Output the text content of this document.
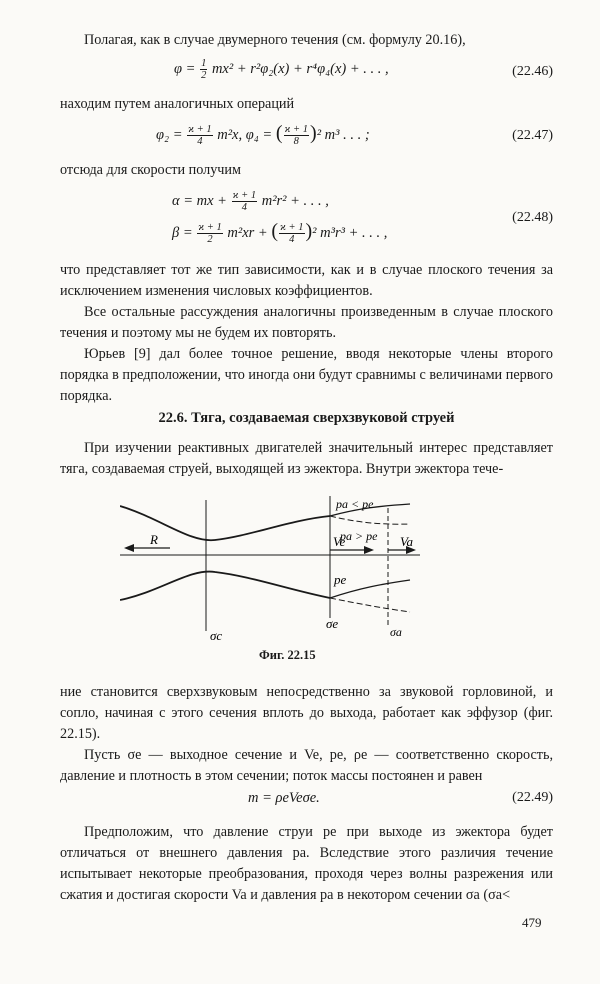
Полагая, как в случае двумерного течения (см. формулу 20.16),

$\varphi = \frac{1}{2} mx^2 + r^2\varphi_2(x) + r^4\varphi_4(x)$ + . . . ,	(22.46)

находим путем аналогичных операций

$\varphi_2 = \frac{ϰ + 1}{4} m^2x$, φ₄ = ( $\frac{ϰ + 1}{8} )^2$ m³ . . . ;	(22.47)

отсюда для скорости получим

α = mx + $\frac{ϰ + 1}{4} m^2r^2$ + . . . ,
$\beta = \frac{ϰ + 1}{2} m^2xr$ + ( $\frac{ϰ + 1}{4} )^2$ m³r³ + . . . ,
(22.48)

что представляет тот же тип зависимости, как и в случае плоского течения за исключением изменения числовых коэффициентов.

Все остальные рассуждения аналогичны произведенным в случае плоского течения и поэтому мы не будем их повторять.

Юрьев [9] дал более точное решение, вводя некоторые члены второго порядка в предположении, что иногда они будут сравнимы с величинами первого порядка.

22.6. Тяга, создаваемая сверхзвуковой струей

При изучении реактивных двигателей значительный интерес представляет тяга, создаваемая струей, выходящей из эжектора. Внутри эжектора тече-

pa < pe
pa > pe
R	Ve	Va
pe
σc
σe
σa
Фиг. 22.15

ние становится сверхзвуковым непосредственно за звуковой горловиной, и сопло, начиная с этого сечения вплоть до выхода, работает как эффузор (фиг. 22.15).

Пусть σe — выходное сечение и Ve, pe, ρe — соответственно скорость, давление и плотность в этом сечении; поток массы постоянен и равен

m = ρeVeσe.	(22.49)

Предположим, что давление струи pe при выходе из эжектора будет отличаться от внешнего давления pa. Вследствие этого различия течение испытывает некоторые преобразования, проходя через волны разрежения или сжатия и достигая скорости Va и давления pa в некотором сечении σa (σa<

479
